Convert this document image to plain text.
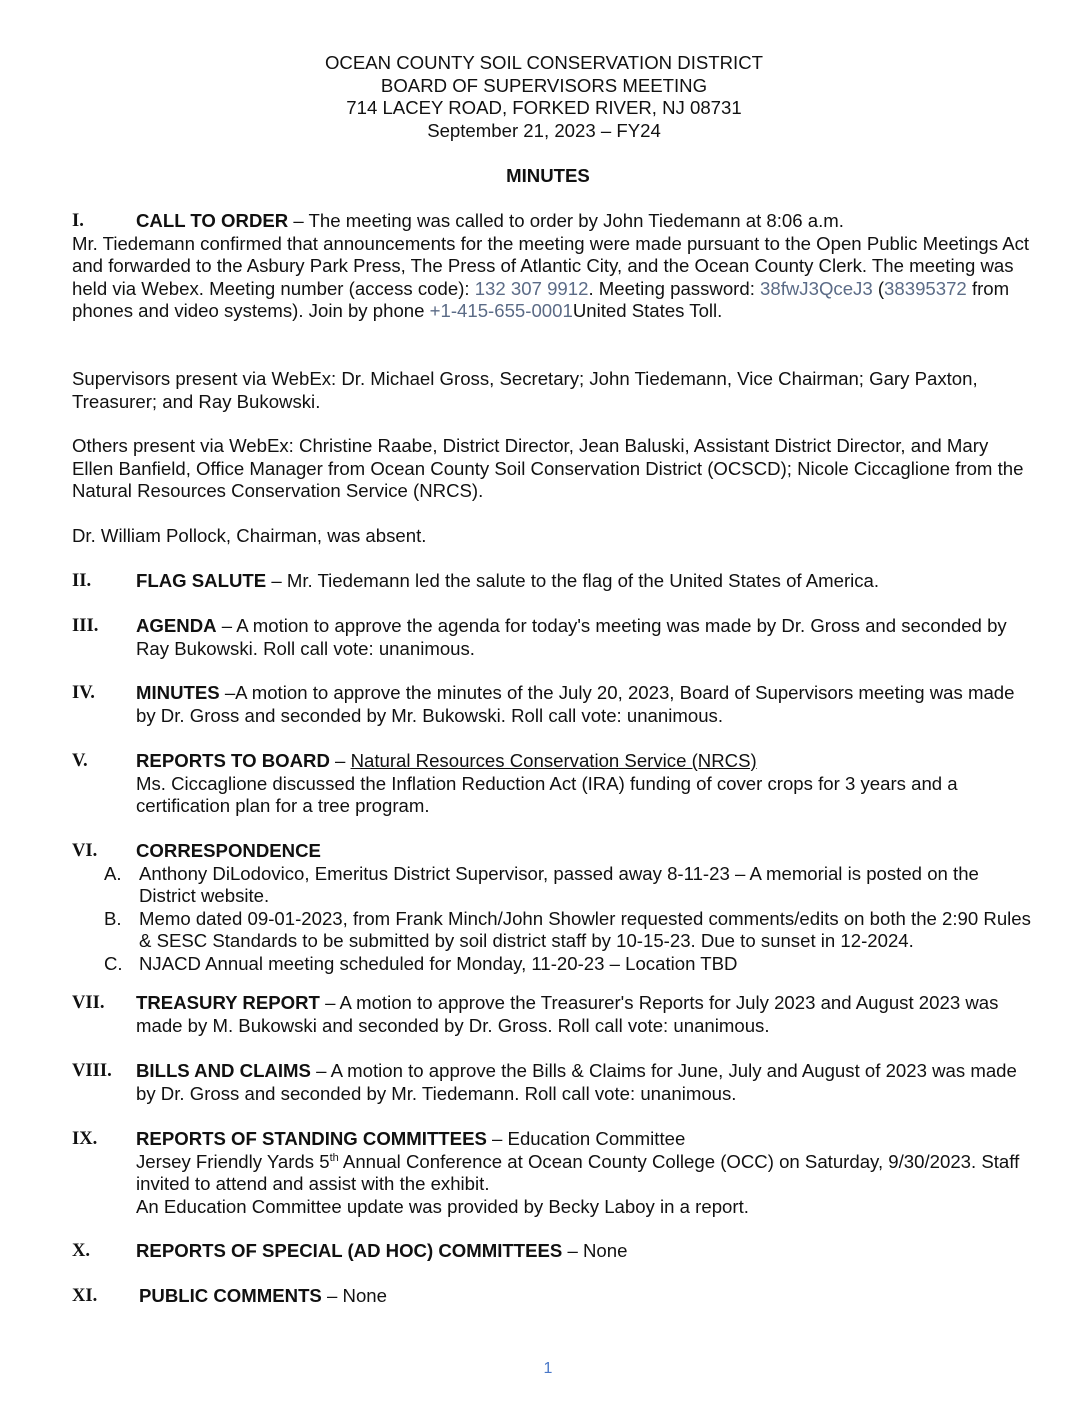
OCEAN COUNTY SOIL CONSERVATION DISTRICT
BOARD OF SUPERVISORS MEETING
714 LACEY ROAD, FORKED RIVER, NJ 08731
September 21, 2023 – FY24
MINUTES
I.	CALL TO ORDER – The meeting was called to order by John Tiedemann at 8:06 a.m.

Mr. Tiedemann confirmed that announcements for the meeting were made pursuant to the Open Public Meetings Act and forwarded to the Asbury Park Press, The Press of Atlantic City, and the Ocean County Clerk. The meeting was held via Webex. Meeting number (access code): 132 307 9912. Meeting password: 38fwJ3QceJ3 (38395372 from phones and video systems). Join by phone +1-415-655-0001United States Toll.

Supervisors present via WebEx: Dr. Michael Gross, Secretary; John Tiedemann, Vice Chairman; Gary Paxton, Treasurer; and Ray Bukowski.

Others present via WebEx: Christine Raabe, District Director, Jean Baluski, Assistant District Director, and Mary Ellen Banfield, Office Manager from Ocean County Soil Conservation District (OCSCD); Nicole Ciccaglione from the Natural Resources Conservation Service (NRCS).

Dr. William Pollock, Chairman, was absent.

II. FLAG SALUTE – Mr. Tiedemann led the salute to the flag of the United States of America.

III. AGENDA – A motion to approve the agenda for today's meeting was made by Dr. Gross and seconded by Ray Bukowski. Roll call vote: unanimous.

IV. MINUTES –A motion to approve the minutes of the July 20, 2023, Board of Supervisors meeting was made by Dr. Gross and seconded by Mr. Bukowski. Roll call vote: unanimous.

V.	REPORTS TO BOARD – Natural Resources Conservation Service (NRCS)

Ms. Ciccaglione discussed the Inflation Reduction Act (IRA) funding of cover crops for 3 years and a certification plan for a tree program.

VI. CORRESPONDENCE

A. Anthony DiLodovico, Emeritus District Supervisor, passed away 8-11-23 – A memorial is posted on the District website.
B. Memo dated 09-01-2023, from Frank Minch/John Showler requested comments/edits on both the 2:90 Rules & SESC Standards to be submitted by soil district staff by 10-15-23. Due to sunset in 12-2024.
C. NJACD Annual meeting scheduled for Monday, 11-20-23 – Location TBD
VII. TREASURY REPORT – A motion to approve the Treasurer's Reports for July 2023 and August 2023 was made by M. Bukowski and seconded by Dr. Gross. Roll call vote: unanimous.

VIII. BILLS AND CLAIMS – A motion to approve the Bills & Claims for June, July and August of 2023 was made by Dr. Gross and seconded by Mr. Tiedemann. Roll call vote: unanimous.

IX. REPORTS OF STANDING COMMITTEES – Education Committee

Jersey Friendly Yards 5th Annual Conference at Ocean County College (OCC) on Saturday, 9/30/2023. Staff invited to attend and assist with the exhibit.

An Education Committee update was provided by Becky Laboy in a report.

X. REPORTS OF SPECIAL (AD HOC) COMMITTEES – None

XI. PUBLIC COMMENTS – None

1
